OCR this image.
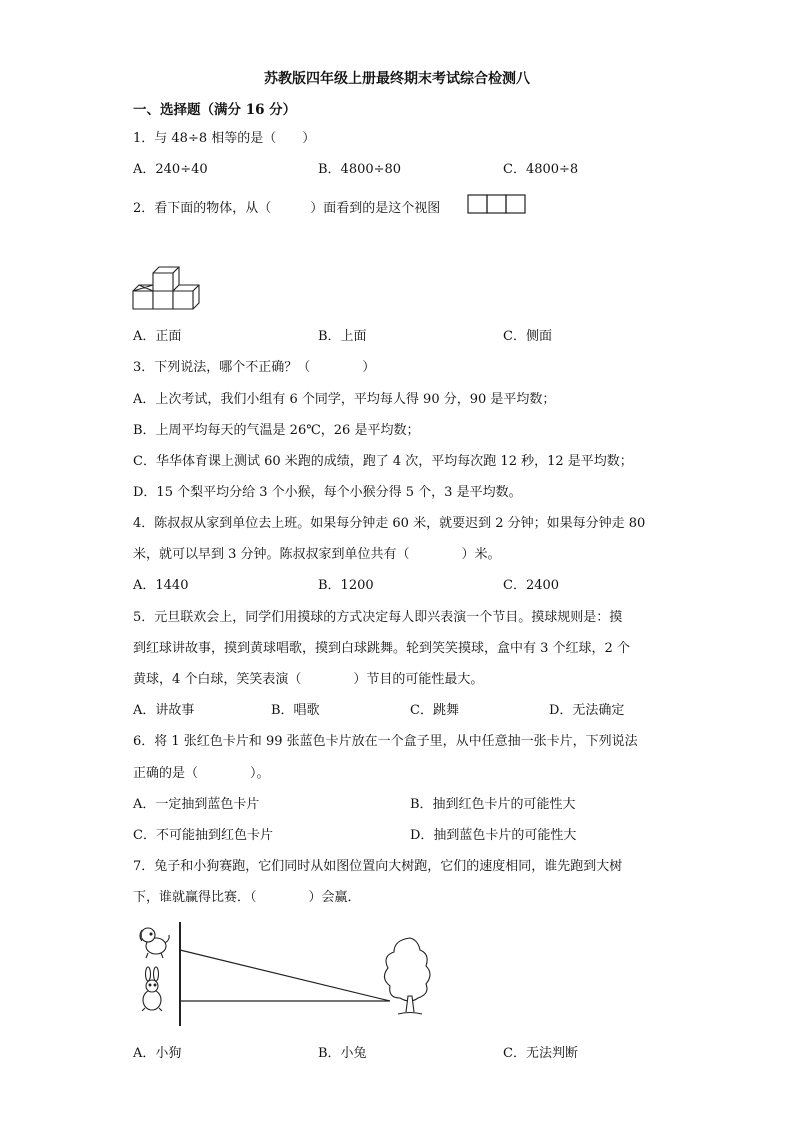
苏教版四年级上册最终期末考试综合检测八
一、选择题（满分 16 分）
1．与 48÷8 相等的是（　　）
A．240÷40	B．4800÷80	C．4800÷8
2．看下面的物体，从（　　　）面看到的是这个视图
A．正面	B．上面	C．侧面
3．下列说法，哪个不正确？（　　　　）
A．上次考试，我们小组有 6 个同学，平均每人得 90 分，90 是平均数；
B．上周平均每天的气温是 26℃，26 是平均数；
C．华华体育课上测试 60 米跑的成绩，跑了 4 次，平均每次跑 12 秒，12 是平均数；
D．15 个梨平均分给 3 个小猴，每个小猴分得 5 个，3 是平均数。
4．陈叔叔从家到单位去上班。如果每分钟走 60 米，就要迟到 2 分钟；如果每分钟走 80
米，就可以早到 3 分钟。陈叔叔家到单位共有（　　　　）米。
A．1440	B．1200	C．2400
5．元旦联欢会上，同学们用摸球的方式决定每人即兴表演一个节目。摸球规则是：摸
到红球讲故事，摸到黄球唱歌，摸到白球跳舞。轮到笑笑摸球，盒中有 3 个红球，2 个
黄球，4 个白球，笑笑表演（　　　　）节目的可能性最大。
A．讲故事	B．唱歌	C．跳舞	D．无法确定
6．将 1 张红色卡片和 99 张蓝色卡片放在一个盒子里，从中任意抽一张卡片，下列说法
正确的是（　　　　）。
A．一定抽到蓝色卡片	B．抽到红色卡片的可能性大
C．不可能抽到红色卡片	D．抽到蓝色卡片的可能性大
7．兔子和小狗赛跑，它们同时从如图位置向大树跑，它们的速度相同，谁先跑到大树
下，谁就赢得比赛．（　　　　）会赢．
A．小狗	B．小兔	C．无法判断
